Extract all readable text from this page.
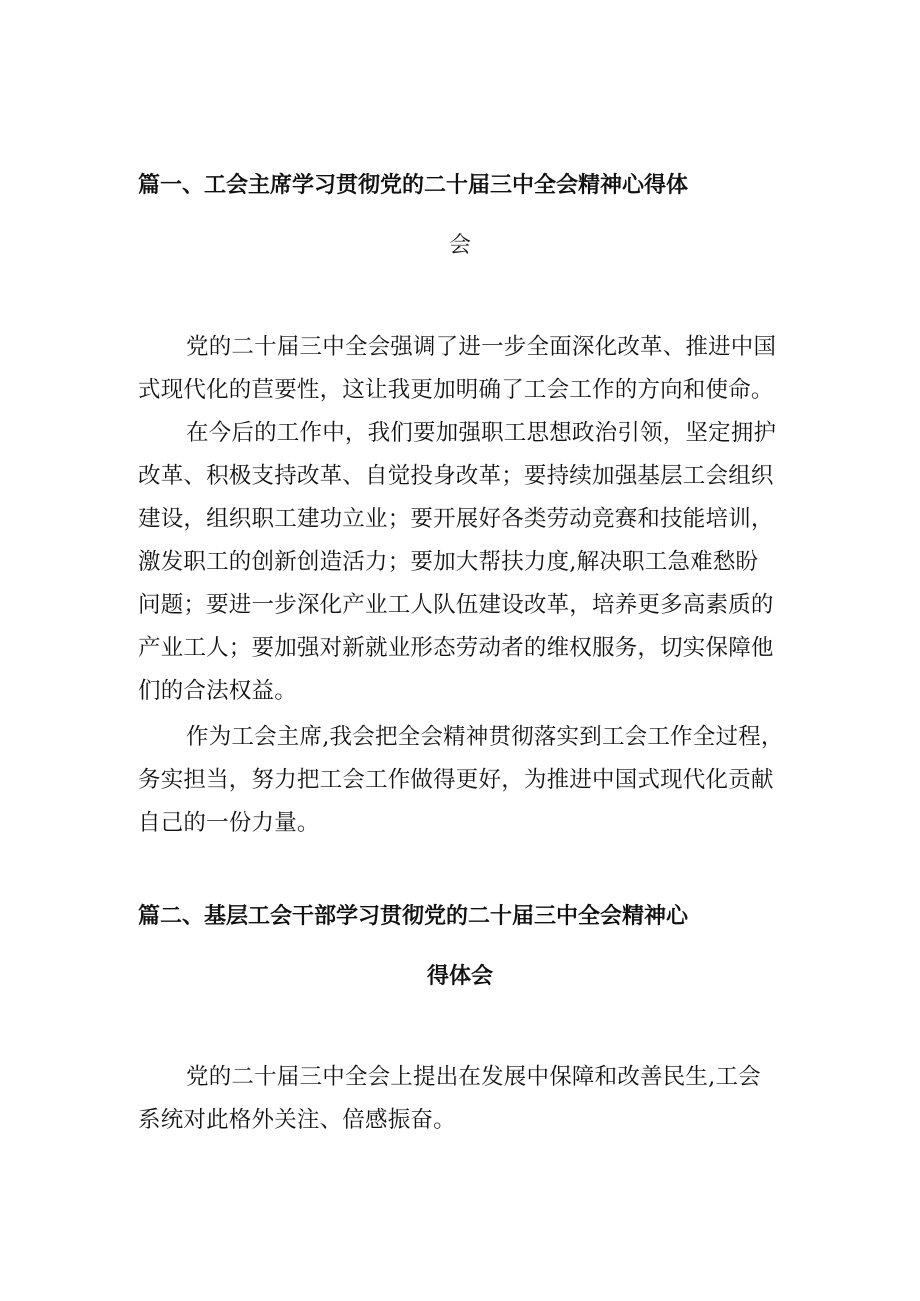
篇一、工会主席学习贯彻党的二十届三中全会精神心得体
会
党的二十届三中全会强调了进一步全面深化改革、推进中国
式现代化的苣要性，这让我更加明确了工会工作的方向和使命。
在今后的工作中，我们要加强职工思想政治引领，坚定拥护
改革、积极支持改革、自觉投身改革；要持续加强基层工会组织
建设，组织职工建功立业；要开展好各类劳动竞赛和技能培训，
激发职工的创新创造活力；要加大帮扶力度,解决职工急难愁盼
问题；要进一步深化产业工人队伍建设改革，培养更多高素质的
产业工人；要加强对新就业形态劳动者的维权服务，切实保障他
们的合法权益。
作为工会主席,我会把全会精神贯彻落实到工会工作全过程，
务实担当，努力把工会工作做得更好，为推进中国式现代化贡献
自己的一份力量。
篇二、基层工会干部学习贯彻党的二十届三中全会精神心
得体会
党的二十届三中全会上提出在发展中保障和改善民生,工会
系统对此格外关注、倍感振奋。
